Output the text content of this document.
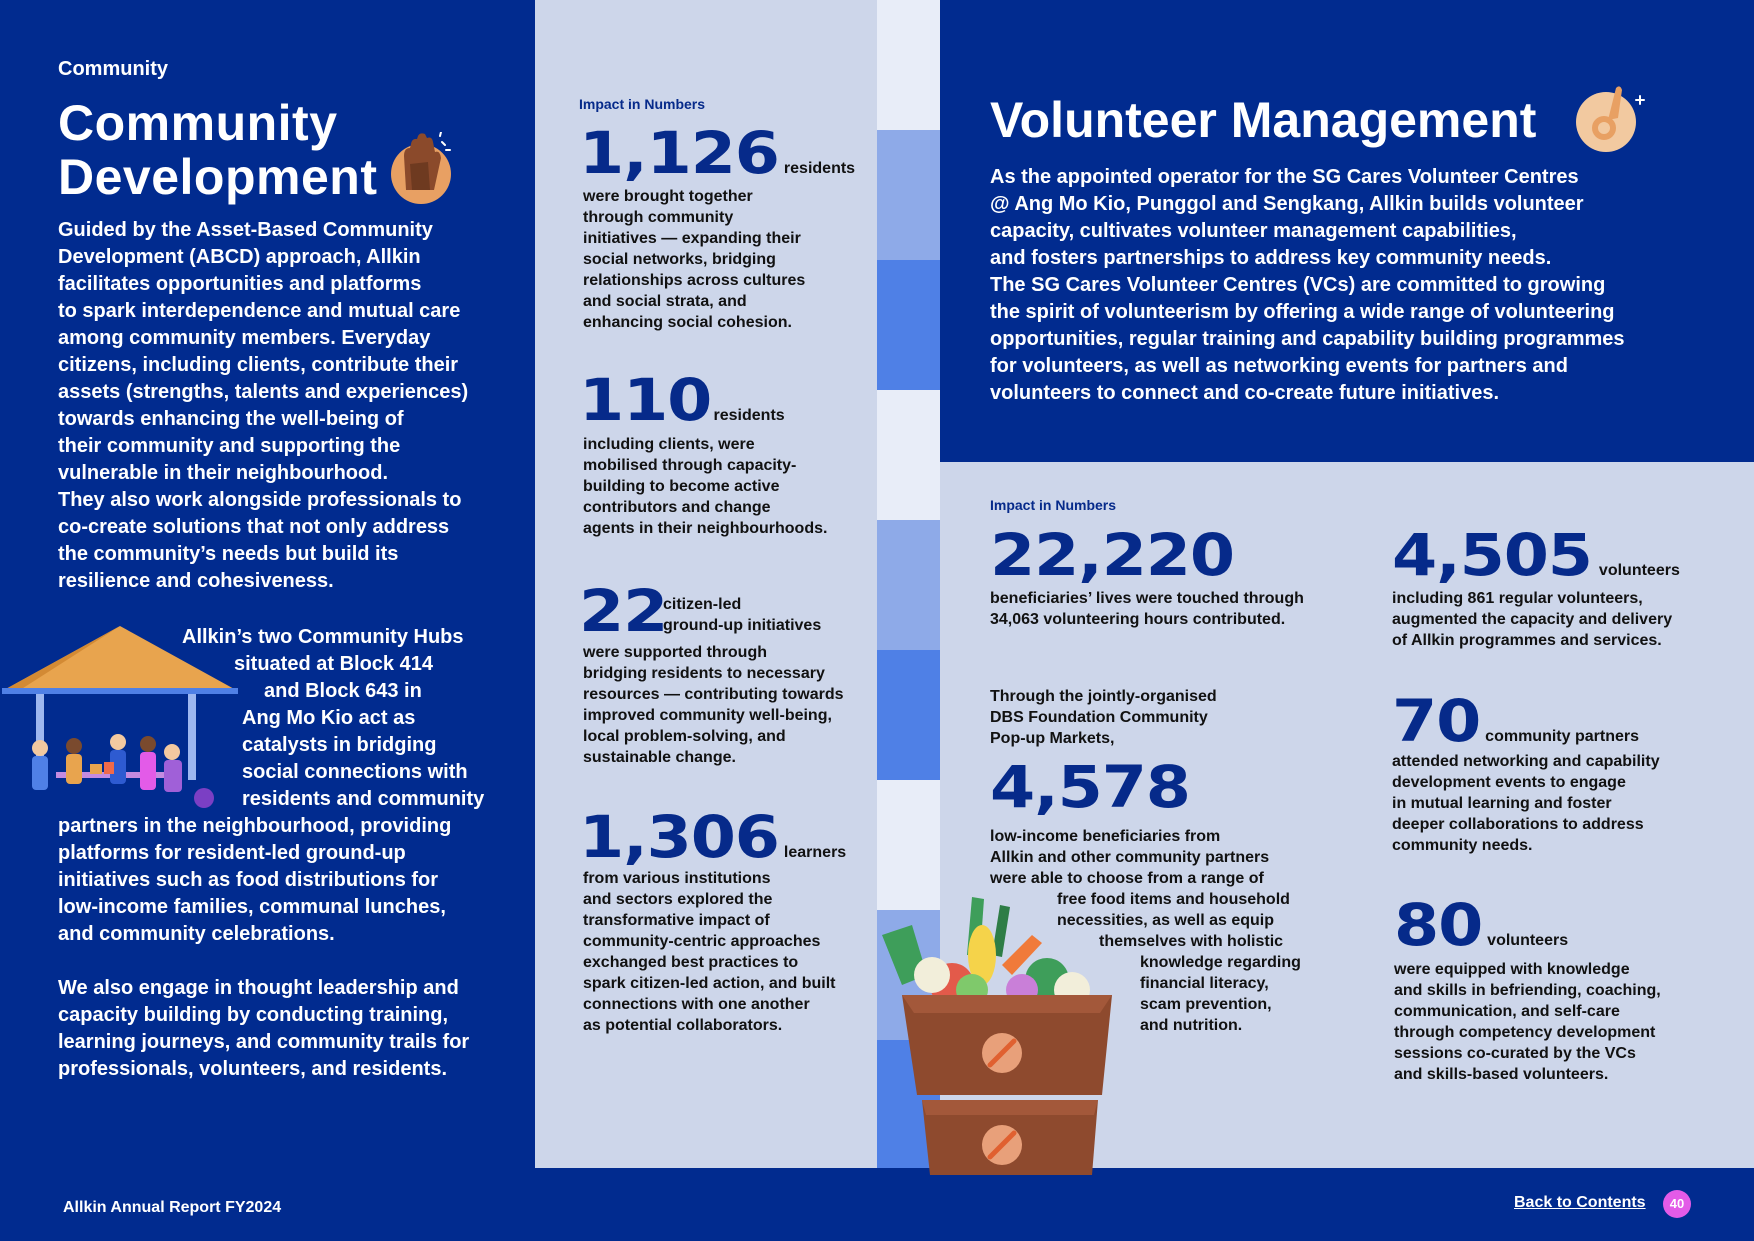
Community
Community
Development
Guided by the Asset-Based Community
Development (ABCD) approach, Allkin
facilitates opportunities and platforms
to spark interdependence and mutual care
among community members. Everyday
citizens, including clients, contribute their
assets (strengths, talents and experiences)
towards enhancing the well-being of
their community and supporting the
vulnerable in their neighbourhood.
They also work alongside professionals to
co-create solutions that not only address
the community’s needs but build its
resilience and cohesiveness.
Allkin’s two Community Hubs
situated at Block 414
and Block 643 in
Ang Mo Kio act as
catalysts in bridging
social connections with
residents and community
partners in the neighbourhood, providing
platforms for resident-led ground-up
initiatives such as food distributions for
low-income families, communal lunches,
and community celebrations.
We also engage in thought leadership and
capacity building by conducting training,
learning journeys, and community trails for
professionals, volunteers, and residents.
Impact in Numbers
1,126 residents
were brought together
through community
initiatives — expanding their
social networks, bridging
relationships across cultures
and social strata, and
enhancing social cohesion.
110 residents
including clients, were
mobilised through capacity-
building to become active
contributors and change
agents in their neighbourhoods.
22
citizen-led
ground-up initiatives
were supported through
bridging residents to necessary
resources — contributing towards
improved community well-being,
local problem-solving, and
sustainable change.
1,306 learners
from various institutions
and sectors explored the
transformative impact of
community-centric approaches
exchanged best practices to
spark citizen-led action, and built
connections with one another
as potential collaborators.
Volunteer Management
As the appointed operator for the SG Cares Volunteer Centres
@ Ang Mo Kio, Punggol and Sengkang, Allkin builds volunteer
capacity, cultivates volunteer management capabilities,
and fosters partnerships to address key community needs.
The SG Cares Volunteer Centres (VCs) are committed to growing
the spirit of volunteerism by offering a wide range of volunteering
opportunities, regular training and capability building programmes
for volunteers, as well as networking events for partners and
volunteers to connect and co-create future initiatives.
Impact in Numbers
22,220
beneficiaries’ lives were touched through
34,063 volunteering hours contributed.
Through the jointly-organised
DBS Foundation Community
Pop-up Markets,
4,578
low-income beneficiaries from
Allkin and other community partners
were able to choose from a range of
free food items and household
necessities, as well as equip
themselves with holistic
knowledge regarding
financial literacy,
scam prevention,
and nutrition.
4,505 volunteers
including 861 regular volunteers,
augmented the capacity and delivery
of Allkin programmes and services.
70 community partners
attended networking and capability
development events to engage
in mutual learning and foster
deeper collaborations to address
community needs.
80 volunteers
were equipped with knowledge
and skills in befriending, coaching,
communication, and self-care
through competency development
sessions co-curated by the VCs
and skills-based volunteers.
Allkin Annual Report FY2024	Back to Contents	40
